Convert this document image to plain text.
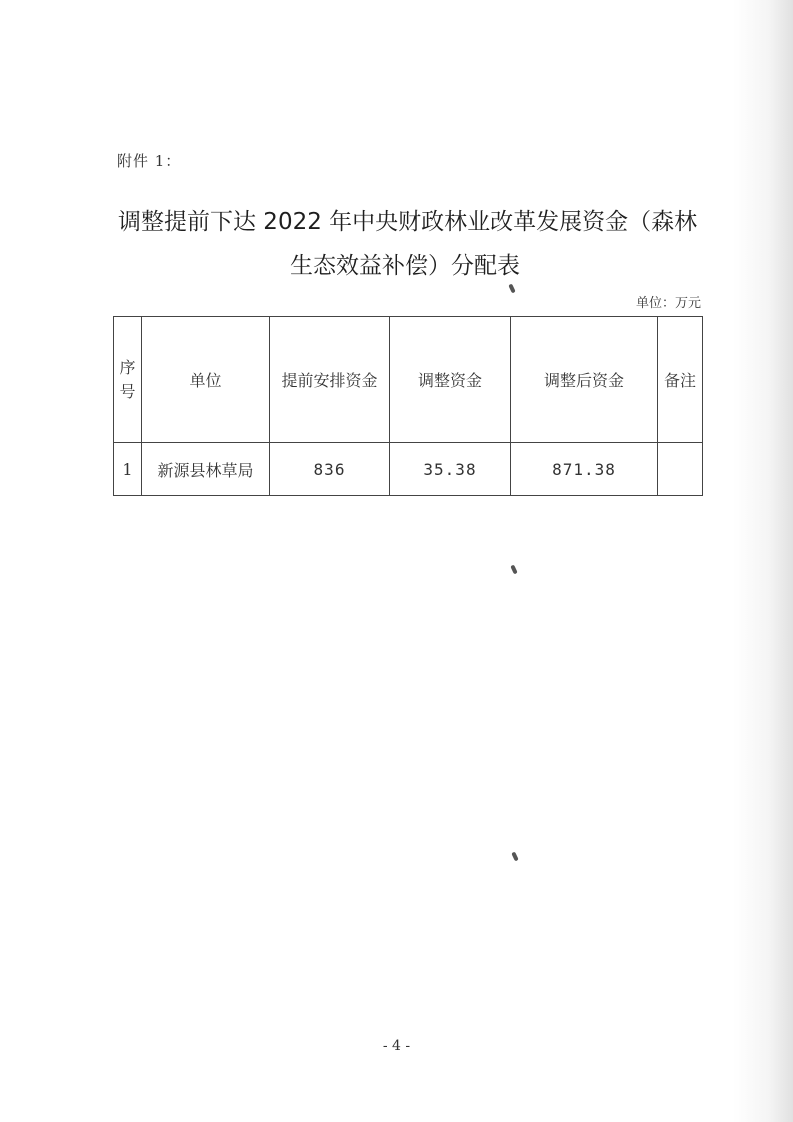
附件 1：
调整提前下达 2022 年中央财政林业改革发展资金（森林
生态效益补偿）分配表
单位：万元
序
号	单位	提前安排资金	调整资金	调整后资金	备注
1	新源县林草局	836	35.38	871.38	
- 4 -
